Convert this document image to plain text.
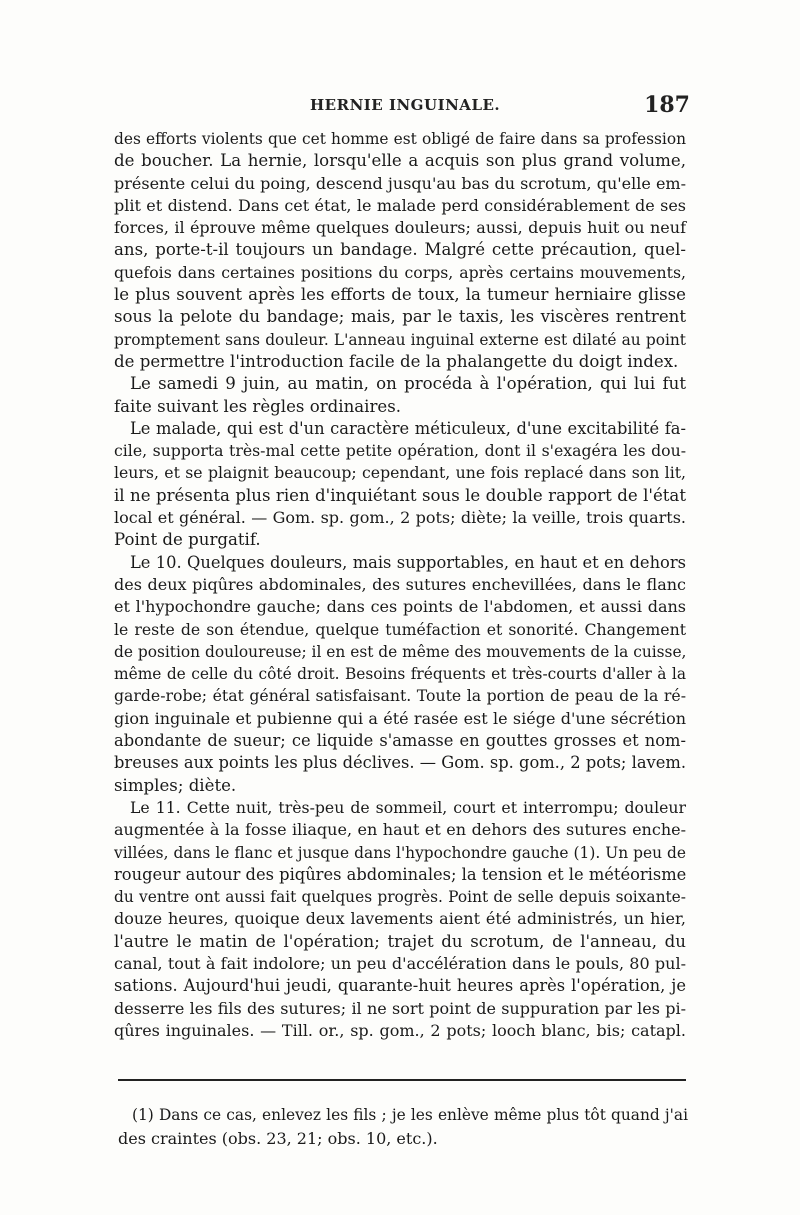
HERNIE INGUINALE.	187
des efforts violents que cet homme est obligé de faire dans sa profession
de boucher. La hernie, lorsqu'elle a acquis son plus grand volume,
présente celui du poing, descend jusqu'au bas du scrotum, qu'elle em-
plit et distend. Dans cet état, le malade perd considérablement de ses
forces, il éprouve même quelques douleurs; aussi, depuis huit ou neuf
ans, porte-t-il toujours un bandage. Malgré cette précaution, quel-
quefois dans certaines positions du corps, après certains mouvements,
le plus souvent après les efforts de toux, la tumeur herniaire glisse
sous la pelote du bandage; mais, par le taxis, les viscères rentrent
promptement sans douleur. L'anneau inguinal externe est dilaté au point
de permettre l'introduction facile de la phalangette du doigt index.
Le samedi 9 juin, au matin, on procéda à l'opération, qui lui fut
faite suivant les règles ordinaires.
Le malade, qui est d'un caractère méticuleux, d'une excitabilité fa-
cile, supporta très-mal cette petite opération, dont il s'exagéra les dou-
leurs, et se plaignit beaucoup; cependant, une fois replacé dans son lit,
il ne présenta plus rien d'inquiétant sous le double rapport de l'état
local et général. — Gom. sp. gom., 2 pots; diète; la veille, trois quarts.
Point de purgatif.
Le 10. Quelques douleurs, mais supportables, en haut et en dehors
des deux piqûres abdominales, des sutures enchevillées, dans le flanc
et l'hypochondre gauche; dans ces points de l'abdomen, et aussi dans
le reste de son étendue, quelque tuméfaction et sonorité. Changement
de position douloureuse; il en est de même des mouvements de la cuisse,
même de celle du côté droit. Besoins fréquents et très-courts d'aller à la
garde-robe; état général satisfaisant. Toute la portion de peau de la ré-
gion inguinale et pubienne qui a été rasée est le siége d'une sécrétion
abondante de sueur; ce liquide s'amasse en gouttes grosses et nom-
breuses aux points les plus déclives. — Gom. sp. gom., 2 pots; lavem.
simples; diète.
Le 11. Cette nuit, très-peu de sommeil, court et interrompu; douleur
augmentée à la fosse iliaque, en haut et en dehors des sutures enche-
villées, dans le flanc et jusque dans l'hypochondre gauche (1). Un peu de
rougeur autour des piqûres abdominales; la tension et le météorisme
du ventre ont aussi fait quelques progrès. Point de selle depuis soixante-
douze heures, quoique deux lavements aient été administrés, un hier,
l'autre le matin de l'opération; trajet du scrotum, de l'anneau, du
canal, tout à fait indolore; un peu d'accélération dans le pouls, 80 pul-
sations. Aujourd'hui jeudi, quarante-huit heures après l'opération, je
desserre les fils des sutures; il ne sort point de suppuration par les pi-
qûres inguinales. — Till. or., sp. gom., 2 pots; looch blanc, bis; catapl.
(1) Dans ce cas, enlevez les fils ; je les enlève même plus tôt quand j'ai
des craintes (obs. 23, 21; obs. 10, etc.).
